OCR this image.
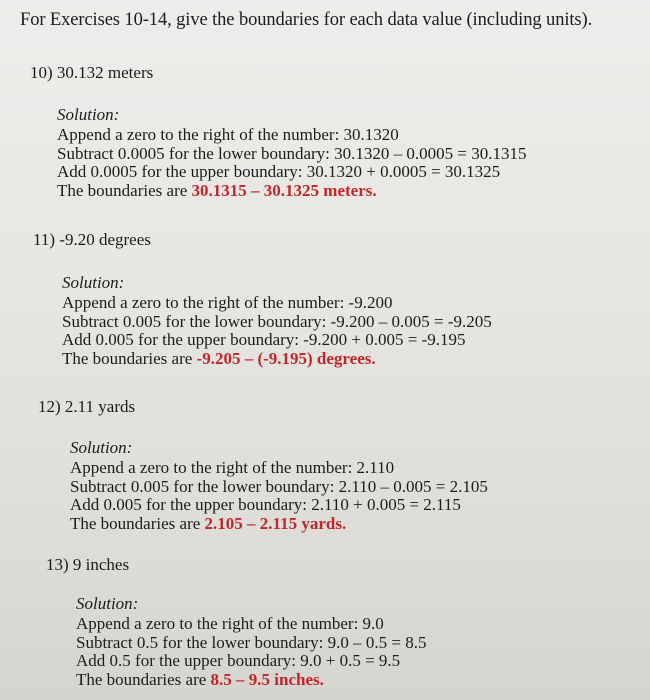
For Exercises 10-14, give the boundaries for each data value (including units).
10) 30.132 meters
Solution:
Append a zero to the right of the number: 30.1320
Subtract 0.0005 for the lower boundary: 30.1320 – 0.0005 = 30.1315
Add 0.0005 for the upper boundary: 30.1320 + 0.0005 = 30.1325
The boundaries are 30.1315 – 30.1325 meters.
11) -9.20 degrees
Solution:
Append a zero to the right of the number: -9.200
Subtract 0.005 for the lower boundary: -9.200 – 0.005 = -9.205
Add 0.005 for the upper boundary: -9.200 + 0.005 = -9.195
The boundaries are -9.205 – (-9.195) degrees.
12) 2.11 yards
Solution:
Append a zero to the right of the number: 2.110
Subtract 0.005 for the lower boundary: 2.110 – 0.005 = 2.105
Add 0.005 for the upper boundary: 2.110 + 0.005 = 2.115
The boundaries are 2.105 – 2.115 yards.
13) 9 inches
Solution:
Append a zero to the right of the number: 9.0
Subtract 0.5 for the lower boundary: 9.0 – 0.5 = 8.5
Add 0.5 for the upper boundary: 9.0 + 0.5 = 9.5
The boundaries are 8.5 – 9.5 inches.
